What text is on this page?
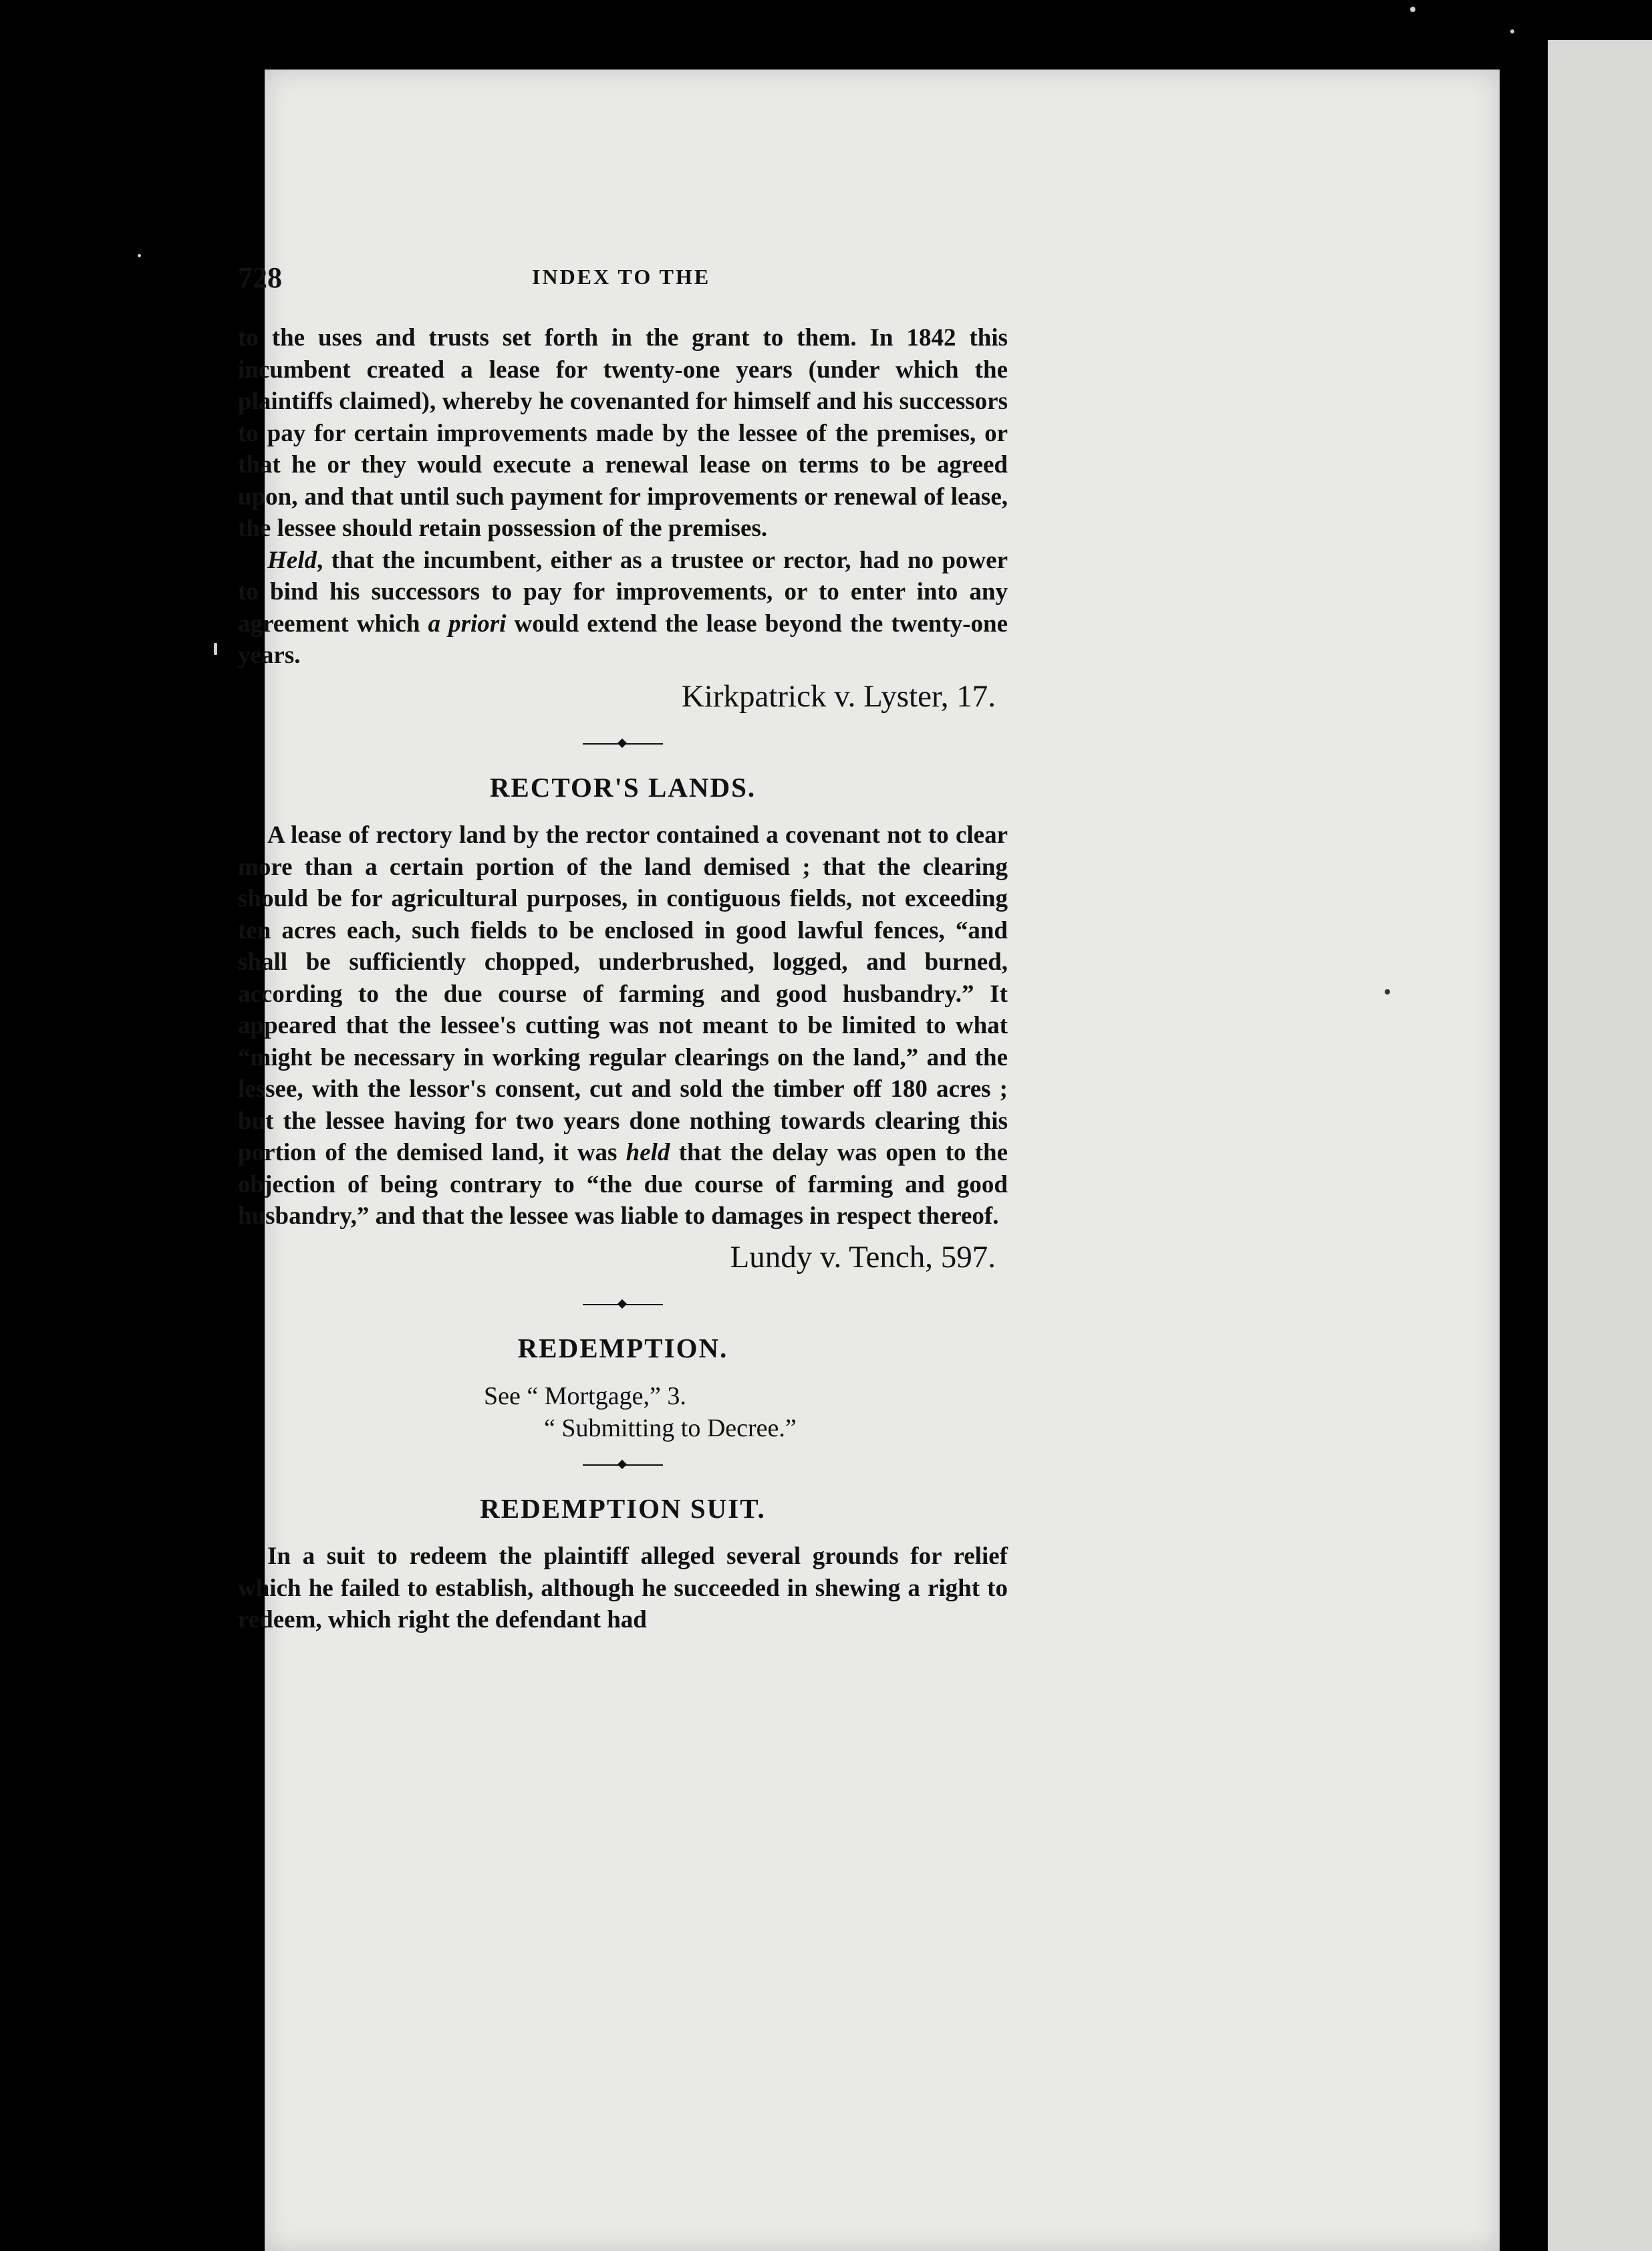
728	INDEX TO THE

to the uses and trusts set forth in the grant to them. In 1842 this incumbent created a lease for twenty-one years (under which the plaintiffs claimed), whereby he covenanted for himself and his successors to pay for certain improvements made by the lessee of the premises, or that he or they would execute a renewal lease on terms to be agreed upon, and that until such payment for improvements or renewal of lease, the lessee should retain possession of the premises.

Held, that the incumbent, either as a trustee or rector, had no power to bind his successors to pay for improvements, or to enter into any agreement which a priori would extend the lease beyond the twenty-one years.

Kirkpatrick v. Lyster, 17.

RECTOR'S LANDS.

A lease of rectory land by the rector contained a covenant not to clear more than a certain portion of the land demised ; that the clearing should be for agricultural purposes, in contiguous fields, not exceeding ten acres each, such fields to be enclosed in good lawful fences, “and shall be sufficiently chopped, underbrushed, logged, and burned, according to the due course of farming and good husbandry.” It appeared that the lessee's cutting was not meant to be limited to what “might be necessary in working regular clearings on the land,” and the lessee, with the lessor's consent, cut and sold the timber off 180 acres ; but the lessee having for two years done nothing towards clearing this portion of the demised land, it was held that the delay was open to the objection of being contrary to “the due course of farming and good husbandry,” and that the lessee was liable to damages in respect thereof.

Lundy v. Tench, 597.

REDEMPTION.
See “ Mortgage,” 3.
“ Submitting to Decree.”
REDEMPTION SUIT.

In a suit to redeem the plaintiff alleged several grounds for relief which he failed to establish, although he succeeded in shewing a right to redeem, which right the defendant had
